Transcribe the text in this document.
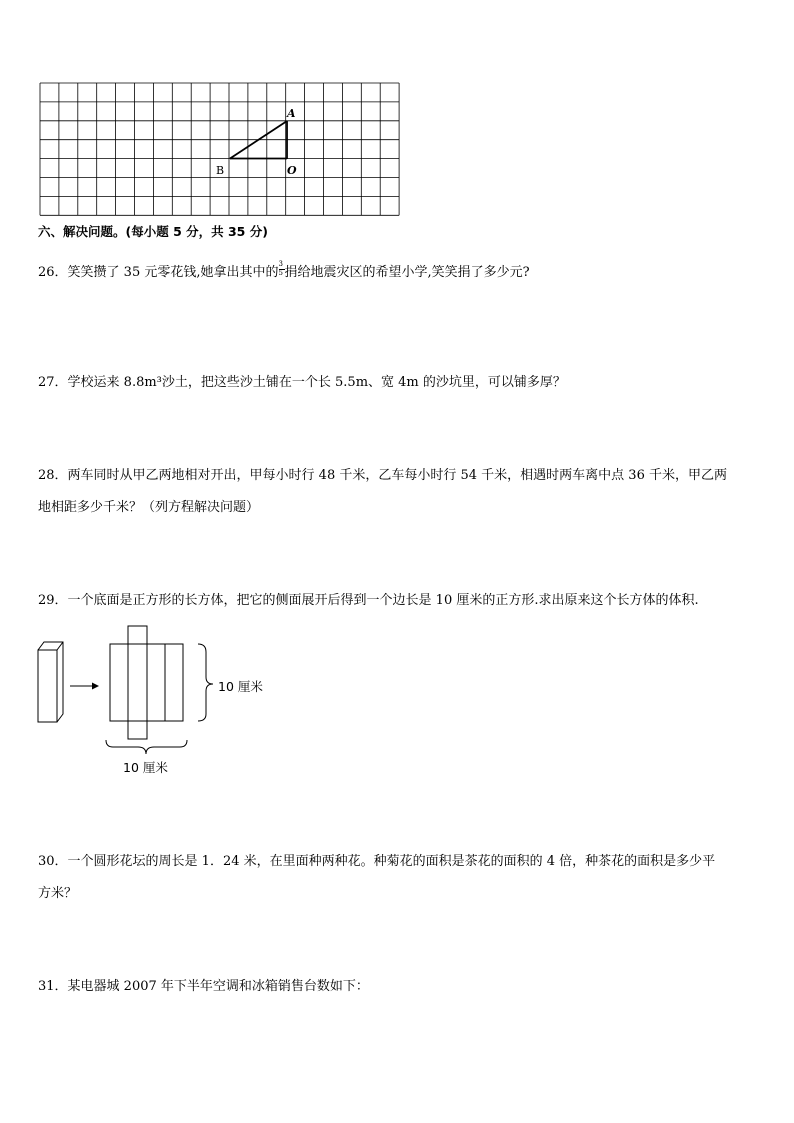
A
B	O
六、解决问题。(每小题 5 分，共 35 分)
26．笑笑攒了 35 元零花钱,她拿出其中的 $\frac{3}{5}$ 捐给地震灾区的希望小学,笑笑捐了多少元?
27．学校运来 8.8m³沙土，把这些沙土铺在一个长 5.5m、宽 4m 的沙坑里，可以铺多厚？
28．两车同时从甲乙两地相对开出，甲每小时行 48 千米，乙车每小时行 54 千米，相遇时两车离中点 36 千米，甲乙两
地相距多少千米？（列方程解决问题）
29．一个底面是正方形的长方体，把它的侧面展开后得到一个边长是 10 厘米的正方形.求出原来这个长方体的体积.
10 厘米
10 厘米
30．一个圆形花坛的周长是 1．24 米，在里面种两种花。种菊花的面积是茶花的面积的 4 倍，种茶花的面积是多少平
方米？
31．某电器城 2007 年下半年空调和冰箱销售台数如下：
